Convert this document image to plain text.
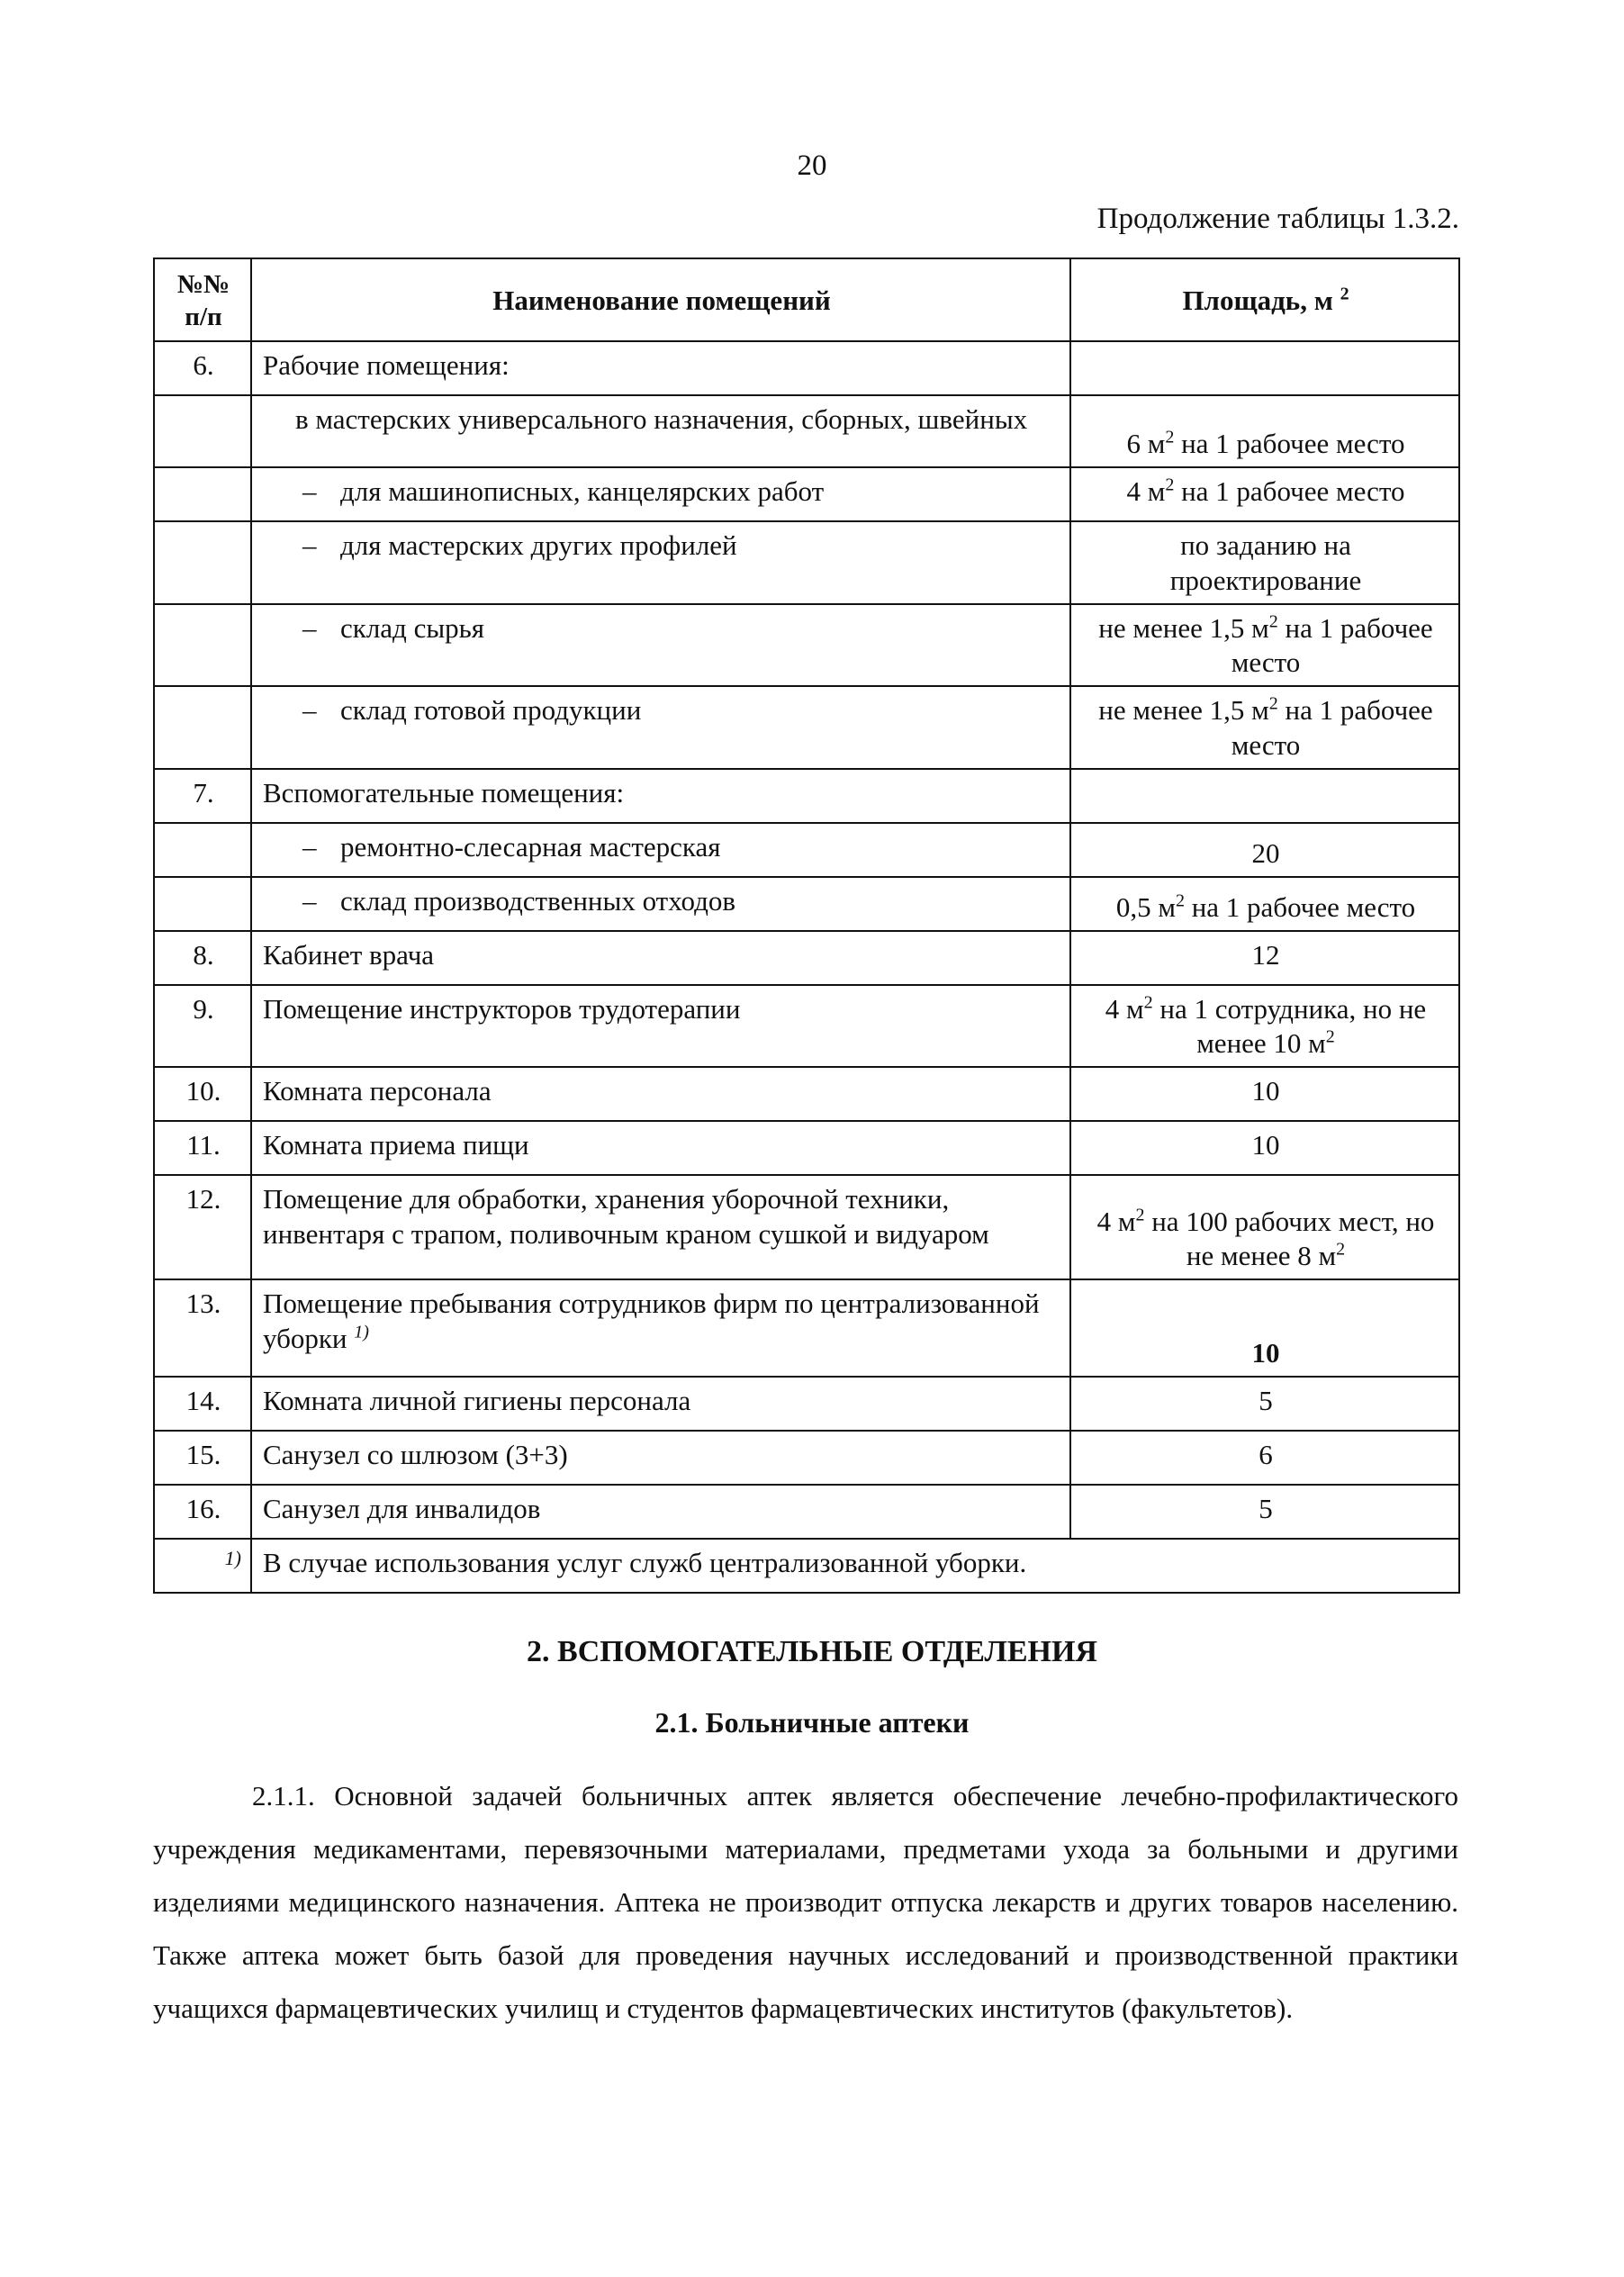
20
Продолжение таблицы 1.3.2.
№№ п/п	Наименование помещений	Площадь, м $^2$
6.	Рабочие помещения:	
	в мастерских универсального назначения, сборных, швейных	6 $м^2$ на 1 рабочее место
	– для машинописных, канцелярских работ	4 $м^2$ на 1 рабочее место
	– для мастерских других профилей	по заданию на проектирование
	– склад сырья	не менее 1,5 $м^2$ на 1 рабочее место
	– склад готовой продукции	не менее 1,5 $м^2$ на 1 рабочее место
7.	Вспомогательные помещения:	
	– ремонтно-слесарная мастерская	20
	– склад производственных отходов	0,5 $м^2$ на 1 рабочее место
8.	Кабинет врача	12
9.	Помещение инструкторов трудотерапии	4 $м^2$ на 1 сотрудника, но не менее 10 $м^2$
10.	Комната персонала	10
11.	Комната приема пищи	10
12.	Помещение для обработки, хранения уборочной техники, инвентаря с трапом, поливочным краном сушкой и видуаром	4 $м^2$ на 100 рабочих мест, но не менее 8 $м^2$
13.	Помещение пребывания сотрудников фирм по централизованной уборки $^{1)}$	10
14.	Комната личной гигиены персонала	5
15.	Санузел со шлюзом (3+3)	6
16.	Санузел для инвалидов	5
1)	В случае использования услуг служб централизованной уборки.	
2. ВСПОМОГАТЕЛЬНЫЕ ОТДЕЛЕНИЯ
2.1. Больничные аптеки
2.1.1. Основной задачей больничных аптек является обеспечение лечебно-профилактического учреждения медикаментами, перевязочными материалами, предметами ухода за больными и другими изделиями медицинского назначения. Аптека не производит отпуска лекарств и других товаров населению. Также аптека может быть базой для проведения научных исследований и производственной практики учащихся фармацевтических училищ и студентов фармацевтических институтов (факультетов).
